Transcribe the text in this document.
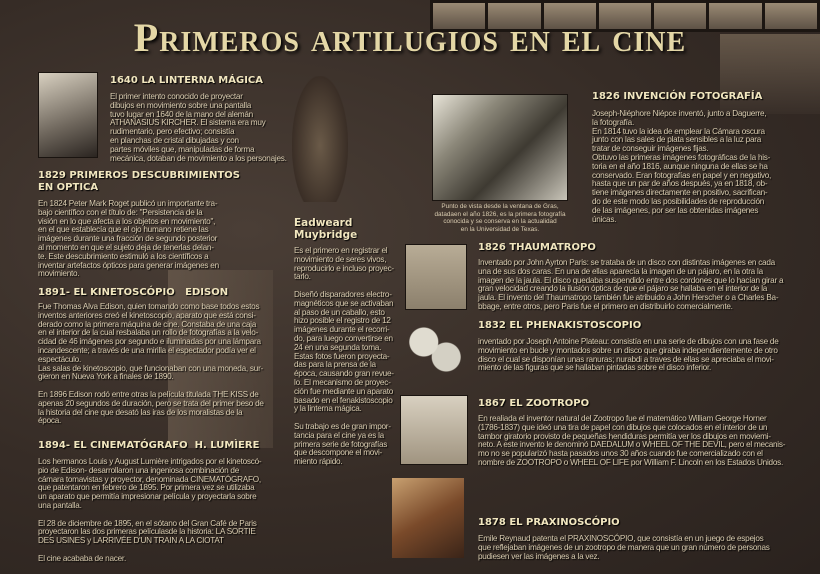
Primeros artilugios en el cine
1640 LA LINTERNA MÁGICA
El primer intento conocido de proyectar
dibujos en movimiento sobre una pantalla
tuvo lugar en 1640 de la mano del alemán
ATHANASIUS KIRCHER. El sistema era muy
rudimentario, pero efectivo; consistía
en planchas de cristal dibujadas y con
partes móviles que, manipuladas de forma
mecánica, dotaban de movimiento a los personajes.
1829 PRIMEROS DESCUBRIMIENTOS
EN OPTICA
En 1824 Peter Mark Roget publicó un importante tra-
bajo científico con el título de: "Persistencia de la
visión en lo que afecta a los objetos en movimiento",
en el que establecía que el ojo humano retiene las
imágenes durante una fracción de segundo posterior
al momento en que el sujeto deja de tenerlas delan-
te. Este descubrimiento estimuló a los científicos a
inventar artefactos ópticos para generar imágenes en
movimiento.
1891- EL KINETOSCÓPIO   EDISON
Fue Thomas Alva Edison, quien tomando como base todos estos
inventos anteriores creó el kinetoscopio, aparato que está consi-
derado como la primera máquina de cine. Constaba de una caja
en el interior de la cual resbalaba un rollo de fotografías a la velo-
cidad de 46 imágenes por segundo e iluminadas por una lámpara
incandescente; a través de una mirilla el espectador podía ver el
espectáculo.
Las salas de kinetoscopio, que funcionaban con una moneda, sur-
gieron en Nueva York a finales de 1890.

En 1896 Edison rodó entre otras la película titulada THE KISS de
apenas 20 segundos de duración, pero se trata del primer beso de
la historia del cine que desató las iras de los moralistas de la
época.
1894- EL CINEMATÓGRAFO  H. LUMÌERE
Los hermanos Louis y August Lumière intrigados por el kinetoscó-
pio de Edison- desarrollaron una ingeniosa combinación de
cámara tomavistas y proyector, denominada CINEMATÓGRAFO,
que patentaron en febrero de 1895. Por primera vez se utilizaba
un aparato que permitía impresionar película y proyectarla sobre
una pantalla.

El 28 de diciembre de 1895, en el sótano del Gran Café de Paris
proyectaron las dos primeras películasde la historia: LA SORTIE
DES USINES y LARRIVÉE D'UN TRAIN A LA CIOTAT

El cine acababa de nacer.
Eadweard
Muybridge
Es el primero en registrar el
movimiento de seres vivos,
reproducirlo e incluso proyec-
tarlo.

Diseñó disparadores electro-
magnéticos que se activaban
al paso de un caballo, esto
hizo posible el registro de 12
imágenes durante el recorri-
do, para luego convertirse en
24 en una segunda toma.
Estas fotos fueron proyecta-
das para la prensa de la
época, causando gran revue-
lo. El mecanismo de proyec-
ción fue mediante un aparato
basado en el fenakistoscopio
y la linterna mágica.

Su trabajo es de gran impor-
tancia para el cine ya es la
primera serie de fotografías
que descompone el movi-
miento rápido.
Punto de vista desde la ventana de Gras,
datadaen el año 1826, es la primera fotografía
conocida y se conserva en la actualidad
en la Universidad de Texas.
1826 INVENCIÓN FOTOGRAFÍA
Joseph-Niéphore Niépce inventó, junto a Daguerre,
la fotografía.
En 1814 tuvo la idea de emplear la Cámara oscura
junto con las sales de plata sensibles a la luz para
tratar de conseguir imágenes fijas.
Obtuvo las primeras imágenes fotográficas de la his-
toria en el año 1816, aunque ninguna de ellas se ha
conservado. Eran fotografías en papel y en negativo,
hasta que un par de años después, ya en 1818, ob-
tiene imágenes directamente en positivo, sacrifican-
do de este modo las posibilidades de reproducción
de las imágenes, por ser las obtenidas imágenes
únicas.
1826 THAUMATROPO
Inventado por John Ayrton Paris: se trataba de un disco con distintas imágenes en cada
una de sus dos caras. En una de ellas aparecía la imagen de un pájaro, en la otra la
imagen de la jaula. El disco quedaba suspendido entre dos cordones que lo hacían girar a
gran velocidad creando la ilusión óptica de que el pájaro se hallaba en el interior de la
jaula. El invento del Thaumatropo también fue atribuido a John Herscher o a Charles Ba-
bbage, entre otros, pero Paris fue el primero en distribuirlo comercialmente.
1832 EL PHENAKISTOSCOPIO
inventado por Joseph Antoine Plateau: consistía en una serie de dibujos con una fase de
movimiento en bucle y montados sobre un disco que giraba independientemente de otro
disco el cual se disponían unas ranuras; nurabdi a traves de ellas se apreciaba el movi-
miento de las figuras que se hallaban pintadas sobre el disco inferior.
1867 EL ZOOTROPO
En realiada el inventor natural del Zootropo fue el matemático William George Horner
(1786-1837) que ideó una tira de papel con dibujos que colocados en el interior de un
tambor giratorio provisto de pequeñas hendiduras permitía ver los dibujos en moviemi-
neto. A este invento le denominó DAEDALUM o WHEEL OF THE DEVIL, pero el mecanis-
mo no se popularizó hasta pasados unos 30 años cuando fue comercializado con el
nombre de ZOOTROPO o WHEEL OF LIFE por William F. Lincoln en los Estados Unidos.
1878 EL PRAXINOSCÓPIO
Emile Reynaud patenta el PRAXINOSCÓPIO, que consistía en un juego de espejos
que reflejaban imágenes de un zootropo de manera que un gran número de personas
pudiesen ver las imágenes a la vez.
